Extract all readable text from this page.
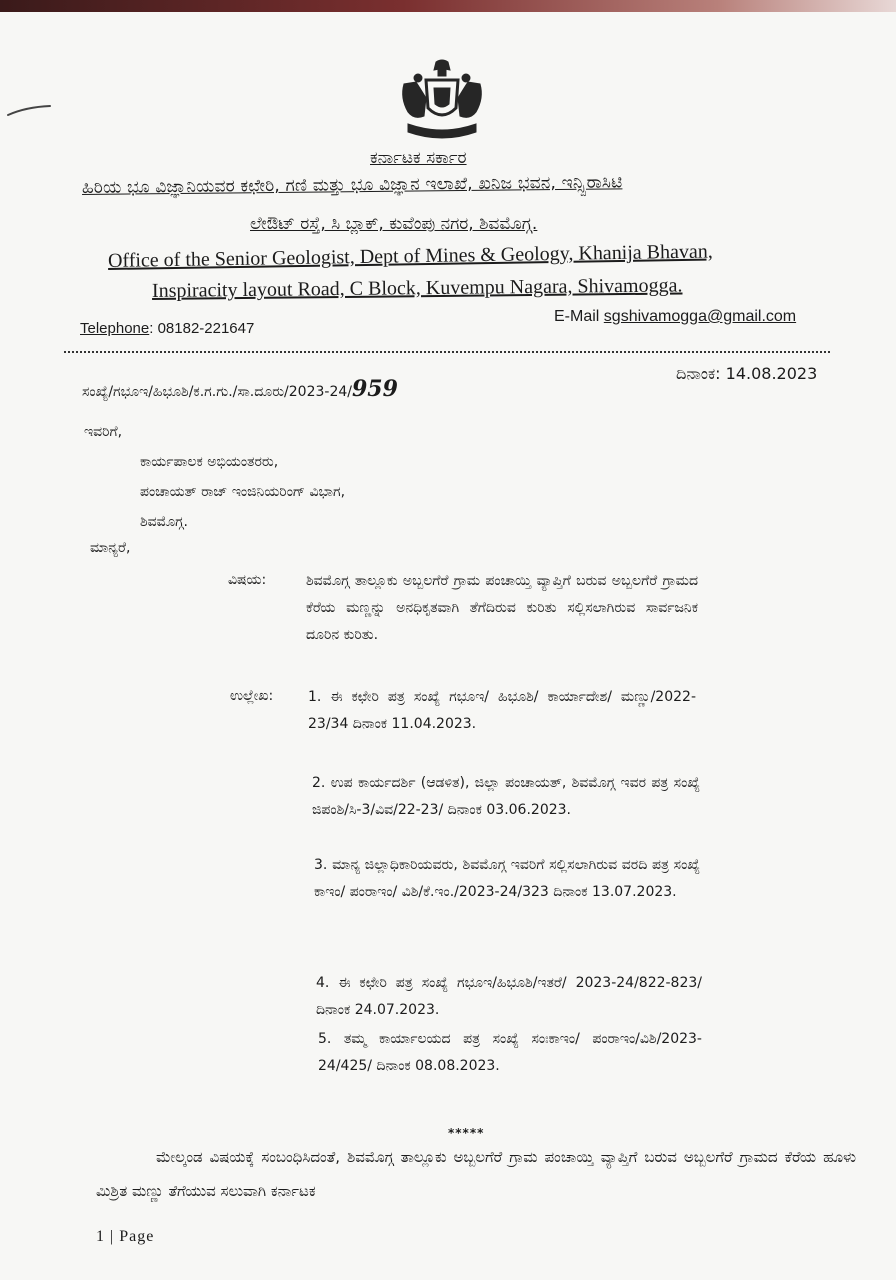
ಕರ್ನಾಟಕ ಸರ್ಕಾರ
ಹಿರಿಯ ಭೂ ವಿಜ್ಞಾನಿಯವರ ಕಛೇರಿ, ಗಣಿ ಮತ್ತು ಭೂ ವಿಜ್ಞಾನ ಇಲಾಖೆ, ಖನಿಜ ಭವನ, ಇನ್ಸ್ಪಿರಾಸಿಟಿ
ಲೇಔಟ್ ರಸ್ತೆ, ಸಿ ಬ್ಲಾಕ್, ಕುವೆಂಪು ನಗರ, ಶಿವಮೊಗ್ಗ.
Office of the Senior Geologist, Dept of Mines & Geology, Khanija Bhavan,
Inspiracity layout Road, C Block, Kuvempu Nagara, Shivamogga.
Telephone: 08182-221647
E-Mail sgshivamogga@gmail.com
ಸಂಖ್ಯೆ/ಗಭೂಇ/ಹಿಭೂಶಿ/ಕ.ಗ.ಗು./ಸಾ.ದೂರು/2023-24/959
ದಿನಾಂಕ: 14.08.2023
ಇವರಿಗೆ,
ಕಾರ್ಯಪಾಲಕ ಅಭಿಯಂತರರು,
ಪಂಚಾಯತ್ ರಾಜ್ ಇಂಜಿನಿಯರಿಂಗ್ ವಿಭಾಗ,
ಶಿವಮೊಗ್ಗ.
ಮಾನ್ಯರೆ,
ವಿಷಯ:	ಶಿವಮೊಗ್ಗ ತಾಲ್ಲೂಕು ಅಬ್ಬಲಗೆರೆ ಗ್ರಾಮ ಪಂಚಾಯ್ತಿ ವ್ಯಾಪ್ತಿಗೆ ಬರುವ ಅಬ್ಬಲಗೆರೆ ಗ್ರಾಮದ ಕೆರೆಯ ಮಣ್ಣನ್ನು ಅನಧಿಕೃತವಾಗಿ ತೆಗೆದಿರುವ ಕುರಿತು ಸಲ್ಲಿಸಲಾಗಿರುವ ಸಾರ್ವಜನಿಕ ದೂರಿನ ಕುರಿತು.
ಉಲ್ಲೇಖ: 1. ಈ ಕಛೇರಿ ಪತ್ರ ಸಂಖ್ಯೆ ಗಭೂಇ/ ಹಿಭೂಶಿ/ ಕಾರ್ಯಾದೇಶ/ ಮಣ್ಣು/2022-23/34 ದಿನಾಂಕ 11.04.2023.
2. ಉಪ ಕಾರ್ಯದರ್ಶಿ (ಆಡಳಿತ), ಜಿಲ್ಲಾ ಪಂಚಾಯತ್, ಶಿವಮೊಗ್ಗ ಇವರ ಪತ್ರ ಸಂಖ್ಯೆ ಜಿಪಂಶಿ/ಸಿ-3/ವಿವ/22-23/ ದಿನಾಂಕ 03.06.2023.
3. ಮಾನ್ಯ ಜಿಲ್ಲಾಧಿಕಾರಿಯವರು, ಶಿವಮೊಗ್ಗ ಇವರಿಗೆ ಸಲ್ಲಿಸಲಾಗಿರುವ ವರದಿ ಪತ್ರ ಸಂಖ್ಯೆ ಕಾಇಂ/ ಪಂರಾಇಂ/ ವಿಶಿ/ಕೆ.ಇಂ./2023-24/323 ದಿನಾಂಕ 13.07.2023.
4. ಈ ಕಛೇರಿ ಪತ್ರ ಸಂಖ್ಯೆ ಗಭೂಇ/ಹಿಭೂಶಿ/ಇತರೆ/ 2023-24/822-823/ ದಿನಾಂಕ 24.07.2023.
5. ತಮ್ಮ ಕಾರ್ಯಾಲಯದ ಪತ್ರ ಸಂಖ್ಯೆ ಸಂಃಕಾಇಂ/ ಪಂರಾಇಂ/ವಿಶಿ/2023-24/425/ ದಿನಾಂಕ 08.08.2023.
*****
ಮೇಲ್ಕಂಡ ವಿಷಯಕ್ಕೆ ಸಂಬಂಧಿಸಿದಂತೆ, ಶಿವಮೊಗ್ಗ ತಾಲ್ಲೂಕು ಅಬ್ಬಲಗೆರೆ ಗ್ರಾಮ ಪಂಚಾಯ್ತಿ ವ್ಯಾಪ್ತಿಗೆ ಬರುವ ಅಬ್ಬಲಗೆರೆ ಗ್ರಾಮದ ಕೆರೆಯ ಹೂಳು ಮಿಶ್ರಿತ ಮಣ್ಣು ತೆಗೆಯುವ ಸಲುವಾಗಿ ಕರ್ನಾಟಕ
1 | Page
